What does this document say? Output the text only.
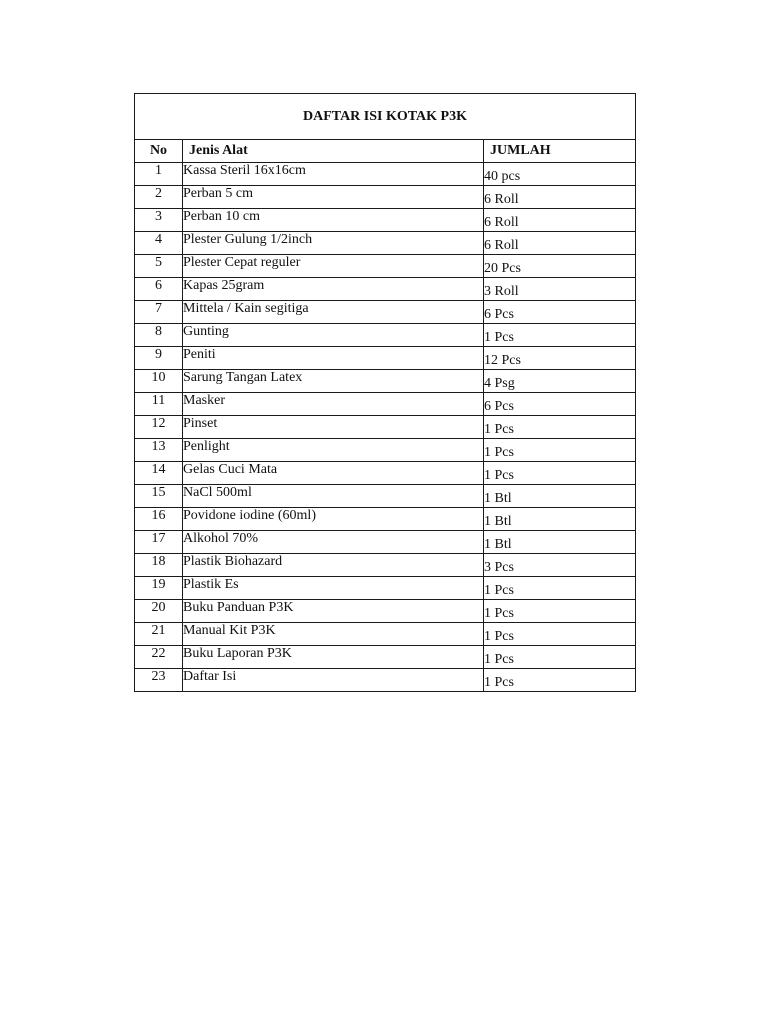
DAFTAR ISI KOTAK P3K		
No	Jenis Alat	JUMLAH
1	Kassa Steril 16x16cm	40 pcs
2	Perban 5 cm	6 Roll
3	Perban 10 cm	6 Roll
4	Plester Gulung 1/2inch	6 Roll
5	Plester Cepat reguler	20 Pcs
6	Kapas 25gram	3 Roll
7	Mittela / Kain segitiga	6 Pcs
8	Gunting	1 Pcs
9	Peniti	12 Pcs
10	Sarung Tangan Latex	4 Psg
11	Masker	6 Pcs
12	Pinset	1 Pcs
13	Penlight	1 Pcs
14	Gelas Cuci Mata	1 Pcs
15	NaCl 500ml	1 Btl
16	Povidone iodine (60ml)	1 Btl
17	Alkohol 70%	1 Btl
18	Plastik Biohazard	3 Pcs
19	Plastik Es	1 Pcs
20	Buku Panduan P3K	1 Pcs
21	Manual Kit P3K	1 Pcs
22	Buku Laporan P3K	1 Pcs
23	Daftar Isi	1 Pcs
